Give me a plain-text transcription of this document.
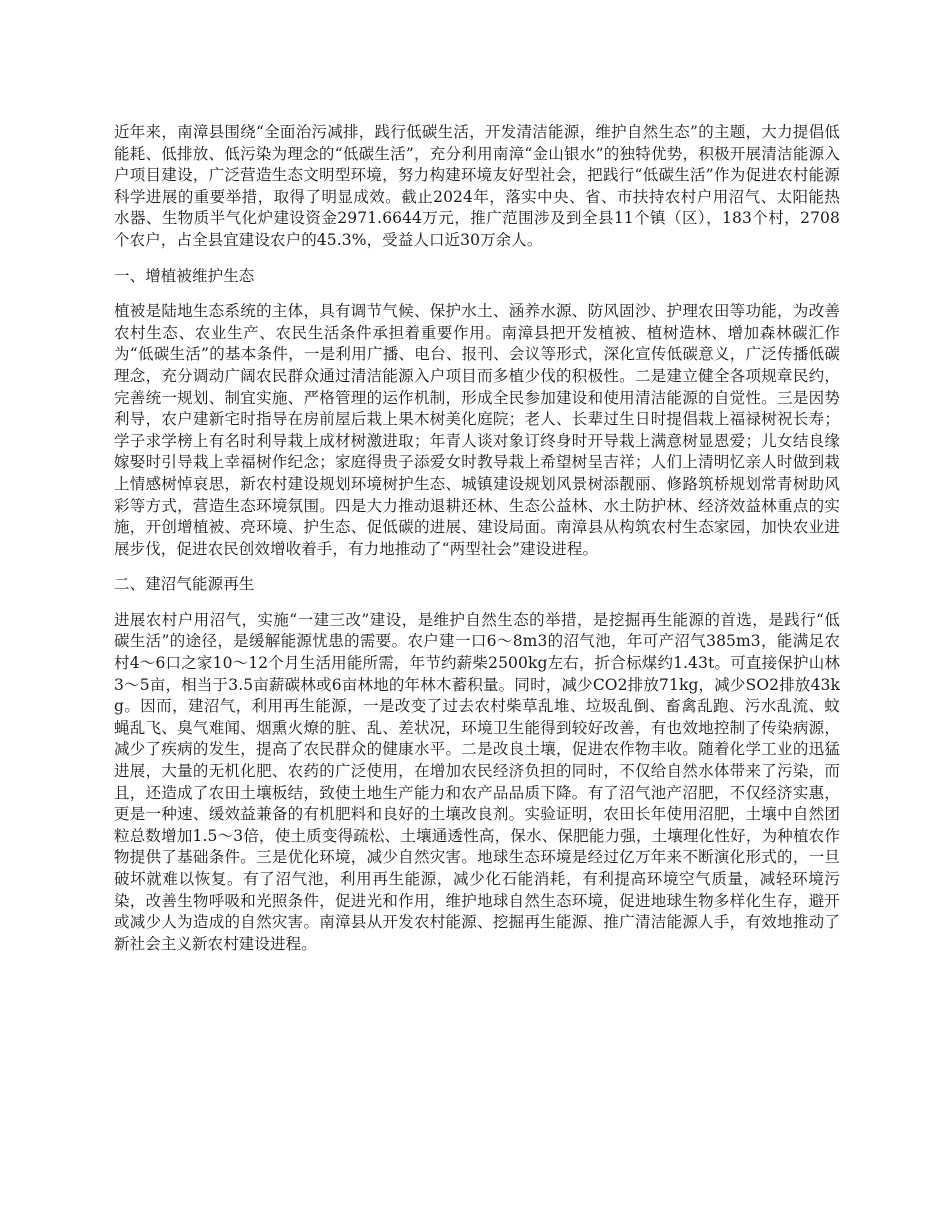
近年来，南漳县围绕“全面治污减排，践行低碳生活，开发清洁能源，维护自然生态”的主题，大力提倡低能耗、低排放、低污染为理念的“低碳生活”，充分利用南漳“金山银水”的独特优势，积极开展清洁能源入户项目建设，广泛营造生态文明型环境，努力构建环境友好型社会，把践行“低碳生活”作为促进农村能源科学进展的重要举措，取得了明显成效。截止2024年，落实中央、省、市扶持农村户用沼气、太阳能热水器、生物质半气化炉建设资金2971.6644万元，推广范围涉及到全县11个镇（区），183个村，2708个农户，占全县宜建设农户的45.3%，受益人口近30万余人。

一、增植被维护生态

植被是陆地生态系统的主体，具有调节气候、保护水土、涵养水源、防风固沙、护理农田等功能，为改善农村生态、农业生产、农民生活条件承担着重要作用。南漳县把开发植被、植树造林、增加森林碳汇作为“低碳生活”的基本条件，一是利用广播、电台、报刊、会议等形式，深化宣传低碳意义，广泛传播低碳理念，充分调动广阔农民群众通过清洁能源入户项目而多植少伐的积极性。二是建立健全各项规章民约，完善统一规划、制宜实施、严格管理的运作机制，形成全民参加建设和使用清洁能源的自觉性。三是因势利导，农户建新宅时指导在房前屋后栽上果木树美化庭院；老人、长辈过生日时提倡栽上福禄树祝长寿；学子求学榜上有名时利导栽上成材树激进取；年青人谈对象订终身时开导栽上满意树显恩爱；儿女结良缘嫁娶时引导栽上幸福树作纪念；家庭得贵子添爱女时教导栽上希望树呈吉祥；人们上清明忆亲人时做到栽上情感树悼哀思，新农村建设规划环境树护生态、城镇建设规划风景树添靓丽、修路筑桥规划常青树助风彩等方式，营造生态环境氛围。四是大力推动退耕还林、生态公益林、水土防护林、经济效益林重点的实施，开创增植被、亮环境、护生态、促低碳的进展、建设局面。南漳县从构筑农村生态家园，加快农业进展步伐，促进农民创效增收着手，有力地推动了“两型社会”建设进程。

二、建沼气能源再生

进展农村户用沼气，实施“一建三改”建设，是维护自然生态的举措，是挖掘再生能源的首选，是践行“低碳生活”的途径，是缓解能源忧患的需要。农户建一口6～8m3的沼气池，年可产沼气385m3，能满足农村4～6口之家10～12个月生活用能所需，年节约薪柴2500kg左右，折合标煤约1.43t。可直接保护山林3～5亩，相当于3.5亩薪碳林或6亩林地的年林木蓄积量。同时，减少CO2排放71kg，减少SO2排放43kg。因而，建沼气，利用再生能源，一是改变了过去农村柴草乱堆、垃圾乱倒、畜禽乱跑、污水乱流、蚊蝇乱飞、臭气难闻、烟熏火燎的脏、乱、差状况，环境卫生能得到较好改善，有也效地控制了传染病源，减少了疾病的发生，提高了农民群众的健康水平。二是改良土壤，促进农作物丰收。随着化学工业的迅猛进展，大量的无机化肥、农药的广泛使用，在增加农民经济负担的同时，不仅给自然水体带来了污染，而且，还造成了农田土壤板结，致使土地生产能力和农产品品质下降。有了沼气池产沼肥，不仅经济实惠，更是一种速、缓效益兼备的有机肥料和良好的土壤改良剂。实验证明，农田长年使用沼肥，土壤中自然团粒总数增加1.5～3倍，使土质变得疏松、土壤通透性高，保水、保肥能力强，土壤理化性好，为种植农作物提供了基础条件。三是优化环境，减少自然灾害。地球生态环境是经过亿万年来不断演化形式的，一旦破坏就难以恢复。有了沼气池，利用再生能源，减少化石能消耗，有利提高环境空气质量，减轻环境污染，改善生物呼吸和光照条件，促进光和作用，维护地球自然生态环境，促进地球生物多样化生存，避开或减少人为造成的自然灾害。南漳县从开发农村能源、挖掘再生能源、推广清洁能源人手，有效地推动了新社会主义新农村建设进程。
